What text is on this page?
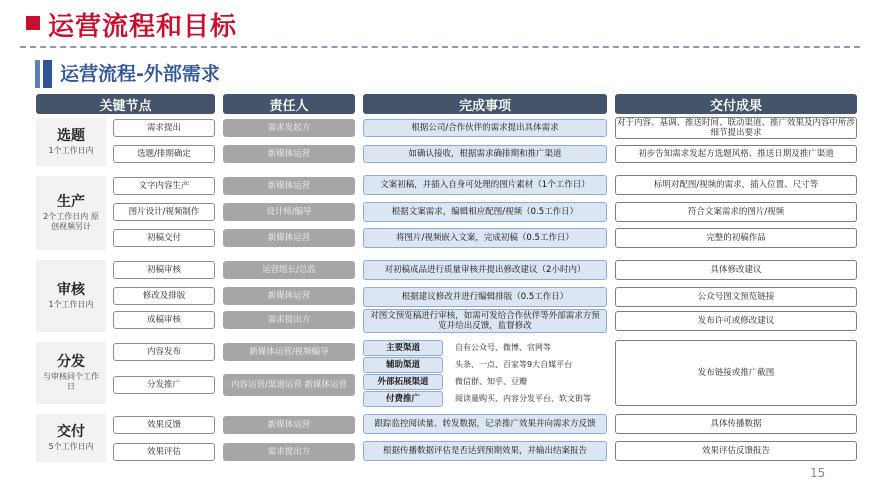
运营流程和目标
运营流程-外部需求
关键节点	责任人	完成事项	交付成果
选题
1个工作日内
生产
2个工作日内 原创视频另计
审核
1个工作日内
分发
与审核同个工作日
交付
5个工作日内
需求提出	需求发起方	根据公司/合作伙伴的需求提出具体需求	对于内容、基调、推送时间、联动渠道、推广效果及内容中所涉细节提出要求
选题/排期确定	新媒体运营	如确认接收，根据需求确排期和推广渠道	初步告知需求发起方选题风格、推送日期及推广渠道
文字内容生产	新媒体运营	文案初稿，并插入自身可处理的图片素材（1个工作日）	标明对配图/视频的需求，插入位置、尺寸等
图片设计/视频制作	设计师/编导	根据文案需求，编辑相应配图/视频（0.5工作日）	符合文案需求的图片/视频
初稿交付	新媒体运营	将图片/视频嵌入文案，完成初稿（0.5工作日）	完整的初稿作品
初稿审核	运营组长/总监	对初稿成品进行质量审核并提出修改建议（2小时内）	具体修改建议
修改及排版	新媒体运营	根据建议修改并进行编辑排版（0.5工作日）	公众号图文预览链接
成稿审核	需求提出方	对图文预览稿进行审核，如需可发给合作伙伴等外部需求方预览并给出反馈，监督修改	发布许可或修改建议
内容发布	新媒体运营/视频编导
分发推广	内容运营/渠道运营 新媒体运营
主要渠道	自有公众号、微博、官网等
辅助渠道	头条、一点、百家等9大自媒平台
外部拓展渠道	微信群、知乎、豆瓣
付费推广	阅读量购买、内容分发平台、软文街等
发布链接或推广截图
效果反馈	新媒体运营	跟踪监控阅读量、转发数据，记录推广效果并向需求方反馈	具体传播数据
效果评估	需求提出方	根据传播数据评估是否达到预期效果，并输出结案报告	效果评估反馈报告
15
